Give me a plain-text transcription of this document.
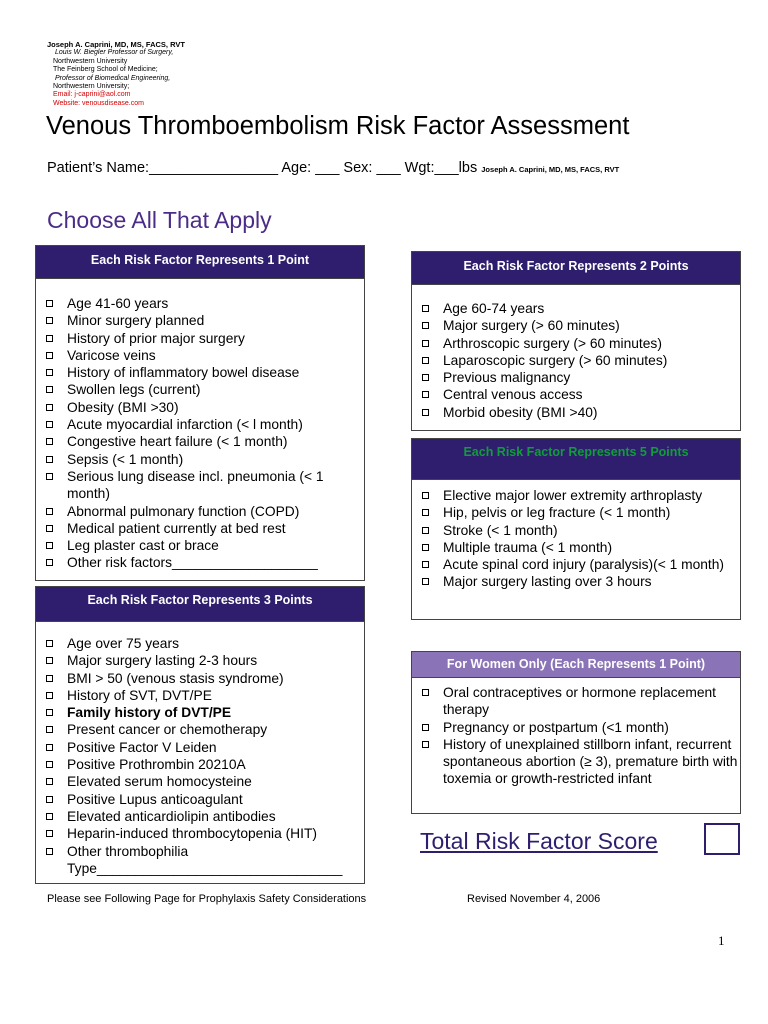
Joseph A. Caprini, MD, MS, FACS, RVT
Louis W. Biegler Professor of Surgery,
Northwestern University
The Feinberg School of Medicine;
Professor of Biomedical Engineering,
Northwestern University;
Email: j-caprini@aol.com
Website: venousdisease.com
Venous Thromboembolism Risk Factor Assessment
Patient’s Name:________________ Age: ___ Sex: ___ Wgt:___lbs Joseph A. Caprini, MD, MS, FACS, RVT
Choose All That Apply
Each Risk Factor Represents 1 Point
Age 41-60 years
Minor surgery planned
History of prior major surgery
Varicose veins
History of inflammatory bowel disease
Swollen legs (current)
Obesity (BMI >30)
Acute myocardial infarction (< l month)
Congestive heart failure (< 1 month)
Sepsis (< 1 month)
Serious lung disease incl. pneumonia (< 1 month)
Abnormal pulmonary function (COPD)
Medical patient currently at bed rest
Leg plaster cast or brace
Other risk factors___________________
Each Risk Factor Represents 3 Points
Age over 75 years
Major surgery lasting 2-3 hours
BMI > 50 (venous stasis syndrome)
History of SVT, DVT/PE
Family history of DVT/PE
Present cancer or chemotherapy
Positive Factor V Leiden
Positive Prothrombin 20210A
Elevated serum homocysteine
Positive Lupus anticoagulant
Elevated anticardiolipin antibodies
Heparin-induced thrombocytopenia (HIT)
Other thrombophilia Type________________________________
Each Risk Factor Represents 2 Points
Age 60-74 years
Major surgery (> 60 minutes)
Arthroscopic surgery (> 60 minutes)
Laparoscopic surgery (> 60 minutes)
Previous malignancy
Central venous access
Morbid obesity (BMI >40)
Each Risk Factor Represents 5 Points
Elective major lower extremity arthroplasty
Hip, pelvis or leg fracture (< 1 month)
Stroke (< 1 month)
Multiple trauma (< 1 month)
Acute spinal cord injury (paralysis)(< 1 month)
Major surgery lasting over 3 hours
For Women Only (Each Represents 1 Point)
Oral contraceptives or hormone replacement therapy
Pregnancy or postpartum (<1 month)
History of unexplained stillborn infant, recurrent spontaneous abortion (≥ 3), premature birth with toxemia or growth-restricted infant
Total Risk Factor Score
Please see Following Page for Prophylaxis Safety Considerations	Revised November 4, 2006
1
